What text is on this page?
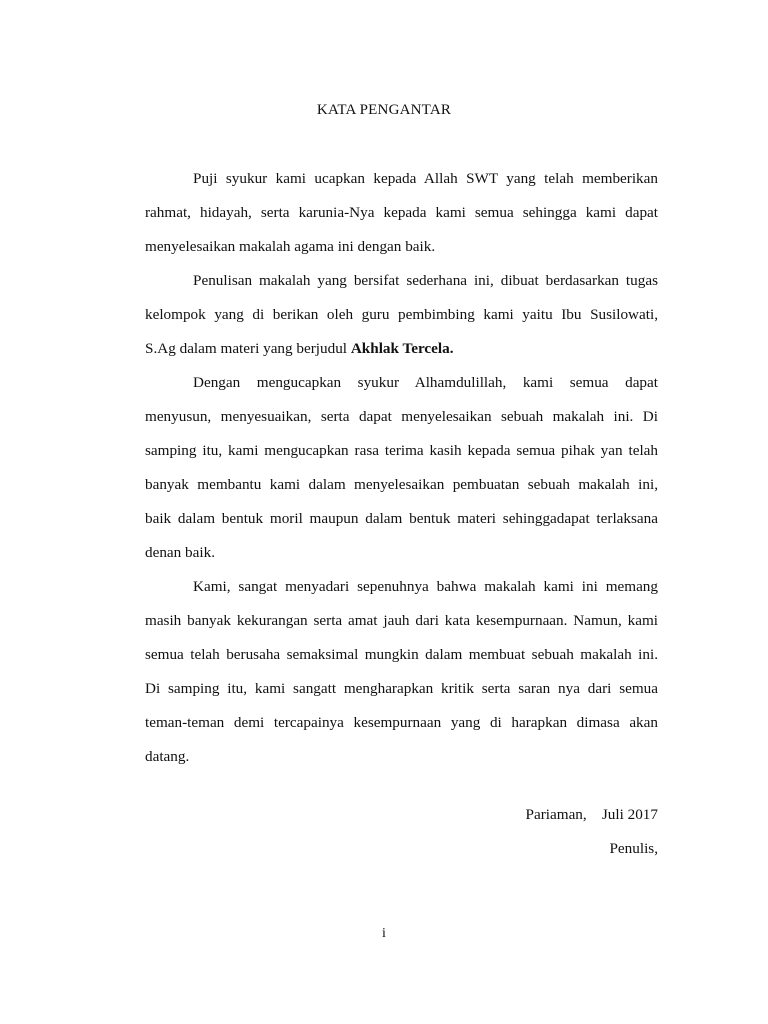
KATA PENGANTAR
Puji syukur kami ucapkan kepada Allah SWT yang telah memberikan
rahmat, hidayah, serta karunia-Nya kepada kami semua sehingga kami dapat
menyelesaikan makalah agama ini dengan baik.
Penulisan makalah yang bersifat sederhana ini, dibuat berdasarkan tugas
kelompok yang di berikan oleh guru pembimbing kami yaitu Ibu Susilowati,
S.Ag dalam materi yang berjudul Akhlak Tercela.
Dengan mengucapkan syukur Alhamdulillah, kami semua dapat
menyusun, menyesuaikan, serta dapat menyelesaikan sebuah makalah ini. Di
samping itu, kami mengucapkan rasa terima kasih kepada semua pihak yan telah
banyak membantu kami dalam menyelesaikan pembuatan sebuah makalah ini,
baik dalam bentuk moril maupun dalam bentuk materi sehinggadapat terlaksana
denan baik.
Kami, sangat menyadari sepenuhnya bahwa makalah kami ini memang
masih banyak kekurangan serta amat jauh dari kata kesempurnaan. Namun, kami
semua telah berusaha semaksimal mungkin dalam membuat sebuah makalah ini.
Di samping itu, kami sangatt mengharapkan kritik serta saran nya dari semua
teman-teman demi tercapainya kesempurnaan yang di harapkan dimasa akan
datang.
Pariaman,    Juli 2017
Penulis,
i
